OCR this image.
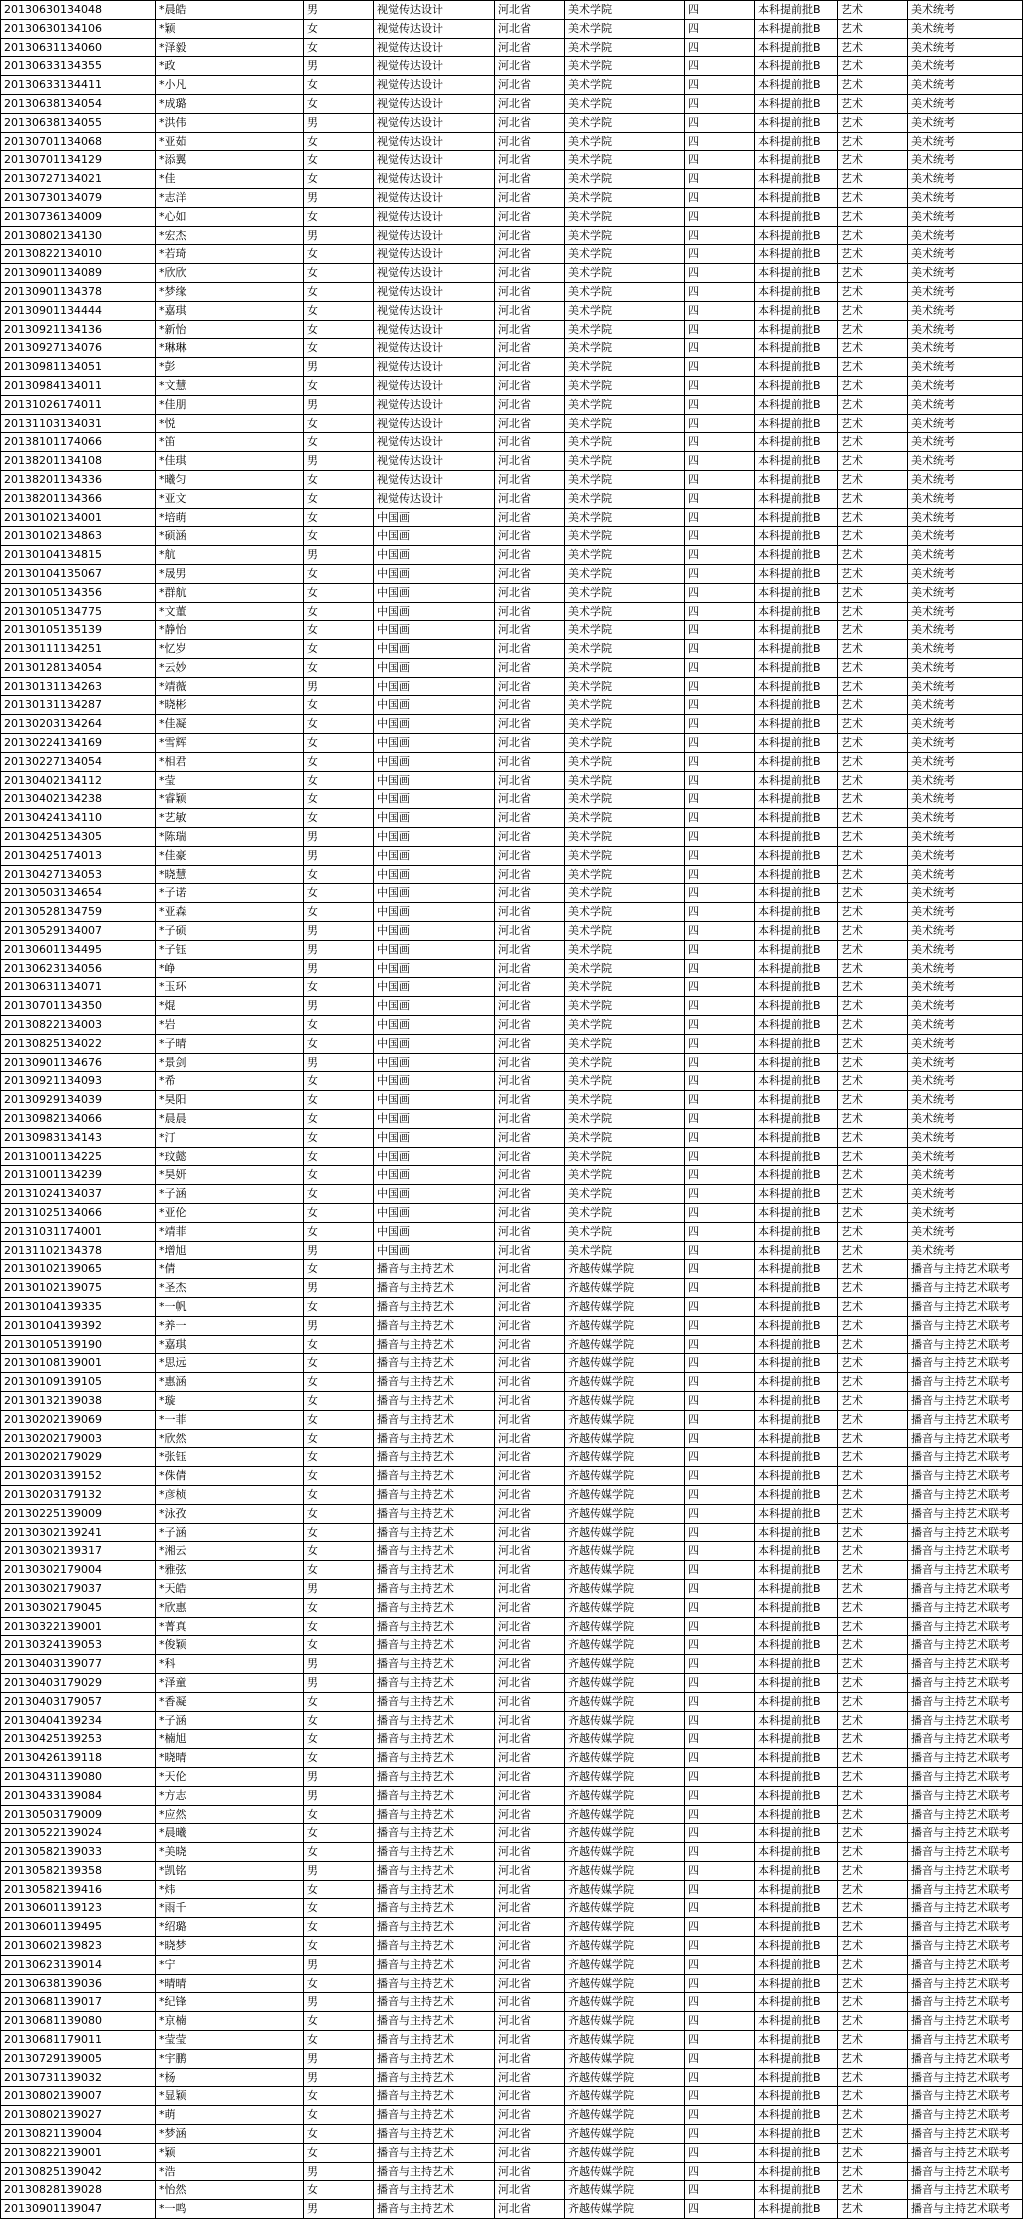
20130630134048	*晨皓	男	视觉传达设计	河北省	美术学院	四	本科提前批B	艺术	美术统考
20130630134106	*颖	女	视觉传达设计	河北省	美术学院	四	本科提前批B	艺术	美术统考
20130631134060	*泽毅	女	视觉传达设计	河北省	美术学院	四	本科提前批B	艺术	美术统考
20130633134355	*政	男	视觉传达设计	河北省	美术学院	四	本科提前批B	艺术	美术统考
20130633134411	*小凡	女	视觉传达设计	河北省	美术学院	四	本科提前批B	艺术	美术统考
20130638134054	*成璐	女	视觉传达设计	河北省	美术学院	四	本科提前批B	艺术	美术统考
20130638134055	*洪伟	男	视觉传达设计	河北省	美术学院	四	本科提前批B	艺术	美术统考
20130701134068	*亚茹	女	视觉传达设计	河北省	美术学院	四	本科提前批B	艺术	美术统考
20130701134129	*添翼	女	视觉传达设计	河北省	美术学院	四	本科提前批B	艺术	美术统考
20130727134021	*佳	女	视觉传达设计	河北省	美术学院	四	本科提前批B	艺术	美术统考
20130730134079	*志洋	男	视觉传达设计	河北省	美术学院	四	本科提前批B	艺术	美术统考
20130736134009	*心如	女	视觉传达设计	河北省	美术学院	四	本科提前批B	艺术	美术统考
20130802134130	*宏杰	男	视觉传达设计	河北省	美术学院	四	本科提前批B	艺术	美术统考
20130822134010	*若琦	女	视觉传达设计	河北省	美术学院	四	本科提前批B	艺术	美术统考
20130901134089	*欣欣	女	视觉传达设计	河北省	美术学院	四	本科提前批B	艺术	美术统考
20130901134378	*梦缘	女	视觉传达设计	河北省	美术学院	四	本科提前批B	艺术	美术统考
20130901134444	*嘉琪	女	视觉传达设计	河北省	美术学院	四	本科提前批B	艺术	美术统考
20130921134136	*新怡	女	视觉传达设计	河北省	美术学院	四	本科提前批B	艺术	美术统考
20130927134076	*琳琳	女	视觉传达设计	河北省	美术学院	四	本科提前批B	艺术	美术统考
20130981134051	*彭	男	视觉传达设计	河北省	美术学院	四	本科提前批B	艺术	美术统考
20130984134011	*文慧	女	视觉传达设计	河北省	美术学院	四	本科提前批B	艺术	美术统考
20131026174011	*佳朋	男	视觉传达设计	河北省	美术学院	四	本科提前批B	艺术	美术统考
20131103134031	*悦	女	视觉传达设计	河北省	美术学院	四	本科提前批B	艺术	美术统考
20138101174066	*笛	女	视觉传达设计	河北省	美术学院	四	本科提前批B	艺术	美术统考
20138201134108	*佳琪	男	视觉传达设计	河北省	美术学院	四	本科提前批B	艺术	美术统考
20138201134336	*曦匀	女	视觉传达设计	河北省	美术学院	四	本科提前批B	艺术	美术统考
20138201134366	*亚文	女	视觉传达设计	河北省	美术学院	四	本科提前批B	艺术	美术统考
20130102134001	*培萌	女	中国画	河北省	美术学院	四	本科提前批B	艺术	美术统考
20130102134863	*硕涵	女	中国画	河北省	美术学院	四	本科提前批B	艺术	美术统考
20130104134815	*航	男	中国画	河北省	美术学院	四	本科提前批B	艺术	美术统考
20130104135067	*晟男	女	中国画	河北省	美术学院	四	本科提前批B	艺术	美术统考
20130105134356	*群航	女	中国画	河北省	美术学院	四	本科提前批B	艺术	美术统考
20130105134775	*文董	女	中国画	河北省	美术学院	四	本科提前批B	艺术	美术统考
20130105135139	*静怡	女	中国画	河北省	美术学院	四	本科提前批B	艺术	美术统考
20130111134251	*忆岁	女	中国画	河北省	美术学院	四	本科提前批B	艺术	美术统考
20130128134054	*云妙	女	中国画	河北省	美术学院	四	本科提前批B	艺术	美术统考
20130131134263	*靖薇	男	中国画	河北省	美术学院	四	本科提前批B	艺术	美术统考
20130131134287	*晓彬	女	中国画	河北省	美术学院	四	本科提前批B	艺术	美术统考
20130203134264	*佳凝	女	中国画	河北省	美术学院	四	本科提前批B	艺术	美术统考
20130224134169	*雪辉	女	中国画	河北省	美术学院	四	本科提前批B	艺术	美术统考
20130227134054	*相君	女	中国画	河北省	美术学院	四	本科提前批B	艺术	美术统考
20130402134112	*莹	女	中国画	河北省	美术学院	四	本科提前批B	艺术	美术统考
20130402134238	*睿颖	女	中国画	河北省	美术学院	四	本科提前批B	艺术	美术统考
20130424134110	*艺敏	女	中国画	河北省	美术学院	四	本科提前批B	艺术	美术统考
20130425134305	*陈瑞	男	中国画	河北省	美术学院	四	本科提前批B	艺术	美术统考
20130425174013	*佳豪	男	中国画	河北省	美术学院	四	本科提前批B	艺术	美术统考
20130427134053	*晓慧	女	中国画	河北省	美术学院	四	本科提前批B	艺术	美术统考
20130503134654	*子诺	女	中国画	河北省	美术学院	四	本科提前批B	艺术	美术统考
20130528134759	*亚森	女	中国画	河北省	美术学院	四	本科提前批B	艺术	美术统考
20130529134007	*子硕	男	中国画	河北省	美术学院	四	本科提前批B	艺术	美术统考
20130601134495	*子钰	男	中国画	河北省	美术学院	四	本科提前批B	艺术	美术统考
20130623134056	*峥	男	中国画	河北省	美术学院	四	本科提前批B	艺术	美术统考
20130631134071	*玉环	女	中国画	河北省	美术学院	四	本科提前批B	艺术	美术统考
20130701134350	*焜	男	中国画	河北省	美术学院	四	本科提前批B	艺术	美术统考
20130822134003	*岩	女	中国画	河北省	美术学院	四	本科提前批B	艺术	美术统考
20130825134022	*子晴	女	中国画	河北省	美术学院	四	本科提前批B	艺术	美术统考
20130901134676	*景剑	男	中国画	河北省	美术学院	四	本科提前批B	艺术	美术统考
20130921134093	*希	女	中国画	河北省	美术学院	四	本科提前批B	艺术	美术统考
20130929134039	*昊阳	女	中国画	河北省	美术学院	四	本科提前批B	艺术	美术统考
20130982134066	*晨晨	女	中国画	河北省	美术学院	四	本科提前批B	艺术	美术统考
20130983134143	*汀	女	中国画	河北省	美术学院	四	本科提前批B	艺术	美术统考
20131001134225	*玟懿	女	中国画	河北省	美术学院	四	本科提前批B	艺术	美术统考
20131001134239	*昊妍	女	中国画	河北省	美术学院	四	本科提前批B	艺术	美术统考
20131024134037	*子涵	女	中国画	河北省	美术学院	四	本科提前批B	艺术	美术统考
20131025134066	*亚伦	女	中国画	河北省	美术学院	四	本科提前批B	艺术	美术统考
20131031174001	*靖菲	女	中国画	河北省	美术学院	四	本科提前批B	艺术	美术统考
20131102134378	*增旭	男	中国画	河北省	美术学院	四	本科提前批B	艺术	美术统考
20130102139065	*倩	女	播音与主持艺术	河北省	齐越传媒学院	四	本科提前批B	艺术	播音与主持艺术联考
20130102139075	*圣杰	男	播音与主持艺术	河北省	齐越传媒学院	四	本科提前批B	艺术	播音与主持艺术联考
20130104139335	*一帆	女	播音与主持艺术	河北省	齐越传媒学院	四	本科提前批B	艺术	播音与主持艺术联考
20130104139392	*养一	男	播音与主持艺术	河北省	齐越传媒学院	四	本科提前批B	艺术	播音与主持艺术联考
20130105139190	*嘉琪	女	播音与主持艺术	河北省	齐越传媒学院	四	本科提前批B	艺术	播音与主持艺术联考
20130108139001	*思远	女	播音与主持艺术	河北省	齐越传媒学院	四	本科提前批B	艺术	播音与主持艺术联考
20130109139105	*惠涵	女	播音与主持艺术	河北省	齐越传媒学院	四	本科提前批B	艺术	播音与主持艺术联考
20130132139038	*璇	女	播音与主持艺术	河北省	齐越传媒学院	四	本科提前批B	艺术	播音与主持艺术联考
20130202139069	*一菲	女	播音与主持艺术	河北省	齐越传媒学院	四	本科提前批B	艺术	播音与主持艺术联考
20130202179003	*欣然	女	播音与主持艺术	河北省	齐越传媒学院	四	本科提前批B	艺术	播音与主持艺术联考
20130202179029	*张钰	女	播音与主持艺术	河北省	齐越传媒学院	四	本科提前批B	艺术	播音与主持艺术联考
20130203139152	*侏倩	女	播音与主持艺术	河北省	齐越传媒学院	四	本科提前批B	艺术	播音与主持艺术联考
20130203179132	*彦桢	女	播音与主持艺术	河北省	齐越传媒学院	四	本科提前批B	艺术	播音与主持艺术联考
20130225139009	*泳孜	女	播音与主持艺术	河北省	齐越传媒学院	四	本科提前批B	艺术	播音与主持艺术联考
20130302139241	*子涵	女	播音与主持艺术	河北省	齐越传媒学院	四	本科提前批B	艺术	播音与主持艺术联考
20130302139317	*湘云	女	播音与主持艺术	河北省	齐越传媒学院	四	本科提前批B	艺术	播音与主持艺术联考
20130302179004	*雅弦	女	播音与主持艺术	河北省	齐越传媒学院	四	本科提前批B	艺术	播音与主持艺术联考
20130302179037	*天皓	男	播音与主持艺术	河北省	齐越传媒学院	四	本科提前批B	艺术	播音与主持艺术联考
20130302179045	*欣惠	女	播音与主持艺术	河北省	齐越传媒学院	四	本科提前批B	艺术	播音与主持艺术联考
20130322139001	*菁真	女	播音与主持艺术	河北省	齐越传媒学院	四	本科提前批B	艺术	播音与主持艺术联考
20130324139053	*俊颖	女	播音与主持艺术	河北省	齐越传媒学院	四	本科提前批B	艺术	播音与主持艺术联考
20130403139077	*科	男	播音与主持艺术	河北省	齐越传媒学院	四	本科提前批B	艺术	播音与主持艺术联考
20130403179029	*泽童	男	播音与主持艺术	河北省	齐越传媒学院	四	本科提前批B	艺术	播音与主持艺术联考
20130403179057	*香凝	女	播音与主持艺术	河北省	齐越传媒学院	四	本科提前批B	艺术	播音与主持艺术联考
20130404139234	*子涵	女	播音与主持艺术	河北省	齐越传媒学院	四	本科提前批B	艺术	播音与主持艺术联考
20130425139253	*楠旭	女	播音与主持艺术	河北省	齐越传媒学院	四	本科提前批B	艺术	播音与主持艺术联考
20130426139118	*晓晴	女	播音与主持艺术	河北省	齐越传媒学院	四	本科提前批B	艺术	播音与主持艺术联考
20130431139080	*天伦	男	播音与主持艺术	河北省	齐越传媒学院	四	本科提前批B	艺术	播音与主持艺术联考
20130433139084	*方志	男	播音与主持艺术	河北省	齐越传媒学院	四	本科提前批B	艺术	播音与主持艺术联考
20130503179009	*应然	女	播音与主持艺术	河北省	齐越传媒学院	四	本科提前批B	艺术	播音与主持艺术联考
20130522139024	*晨曦	女	播音与主持艺术	河北省	齐越传媒学院	四	本科提前批B	艺术	播音与主持艺术联考
20130582139033	*美晓	女	播音与主持艺术	河北省	齐越传媒学院	四	本科提前批B	艺术	播音与主持艺术联考
20130582139358	*凯铭	男	播音与主持艺术	河北省	齐越传媒学院	四	本科提前批B	艺术	播音与主持艺术联考
20130582139416	*炜	女	播音与主持艺术	河北省	齐越传媒学院	四	本科提前批B	艺术	播音与主持艺术联考
20130601139123	*雨千	女	播音与主持艺术	河北省	齐越传媒学院	四	本科提前批B	艺术	播音与主持艺术联考
20130601139495	*绍璐	女	播音与主持艺术	河北省	齐越传媒学院	四	本科提前批B	艺术	播音与主持艺术联考
20130602139823	*晓梦	女	播音与主持艺术	河北省	齐越传媒学院	四	本科提前批B	艺术	播音与主持艺术联考
20130623139014	*宁	男	播音与主持艺术	河北省	齐越传媒学院	四	本科提前批B	艺术	播音与主持艺术联考
20130638139036	*晴晴	女	播音与主持艺术	河北省	齐越传媒学院	四	本科提前批B	艺术	播音与主持艺术联考
20130681139017	*纪锋	男	播音与主持艺术	河北省	齐越传媒学院	四	本科提前批B	艺术	播音与主持艺术联考
20130681139080	*京楠	女	播音与主持艺术	河北省	齐越传媒学院	四	本科提前批B	艺术	播音与主持艺术联考
20130681179011	*莹莹	女	播音与主持艺术	河北省	齐越传媒学院	四	本科提前批B	艺术	播音与主持艺术联考
20130729139005	*宇鹏	男	播音与主持艺术	河北省	齐越传媒学院	四	本科提前批B	艺术	播音与主持艺术联考
20130731139032	*杨	男	播音与主持艺术	河北省	齐越传媒学院	四	本科提前批B	艺术	播音与主持艺术联考
20130802139007	*显颖	女	播音与主持艺术	河北省	齐越传媒学院	四	本科提前批B	艺术	播音与主持艺术联考
20130802139027	*萌	女	播音与主持艺术	河北省	齐越传媒学院	四	本科提前批B	艺术	播音与主持艺术联考
20130821139004	*梦涵	女	播音与主持艺术	河北省	齐越传媒学院	四	本科提前批B	艺术	播音与主持艺术联考
20130822139001	*颖	女	播音与主持艺术	河北省	齐越传媒学院	四	本科提前批B	艺术	播音与主持艺术联考
20130825139042	*浩	男	播音与主持艺术	河北省	齐越传媒学院	四	本科提前批B	艺术	播音与主持艺术联考
20130828139028	*怡然	女	播音与主持艺术	河北省	齐越传媒学院	四	本科提前批B	艺术	播音与主持艺术联考
20130901139047	*一鸣	男	播音与主持艺术	河北省	齐越传媒学院	四	本科提前批B	艺术	播音与主持艺术联考
